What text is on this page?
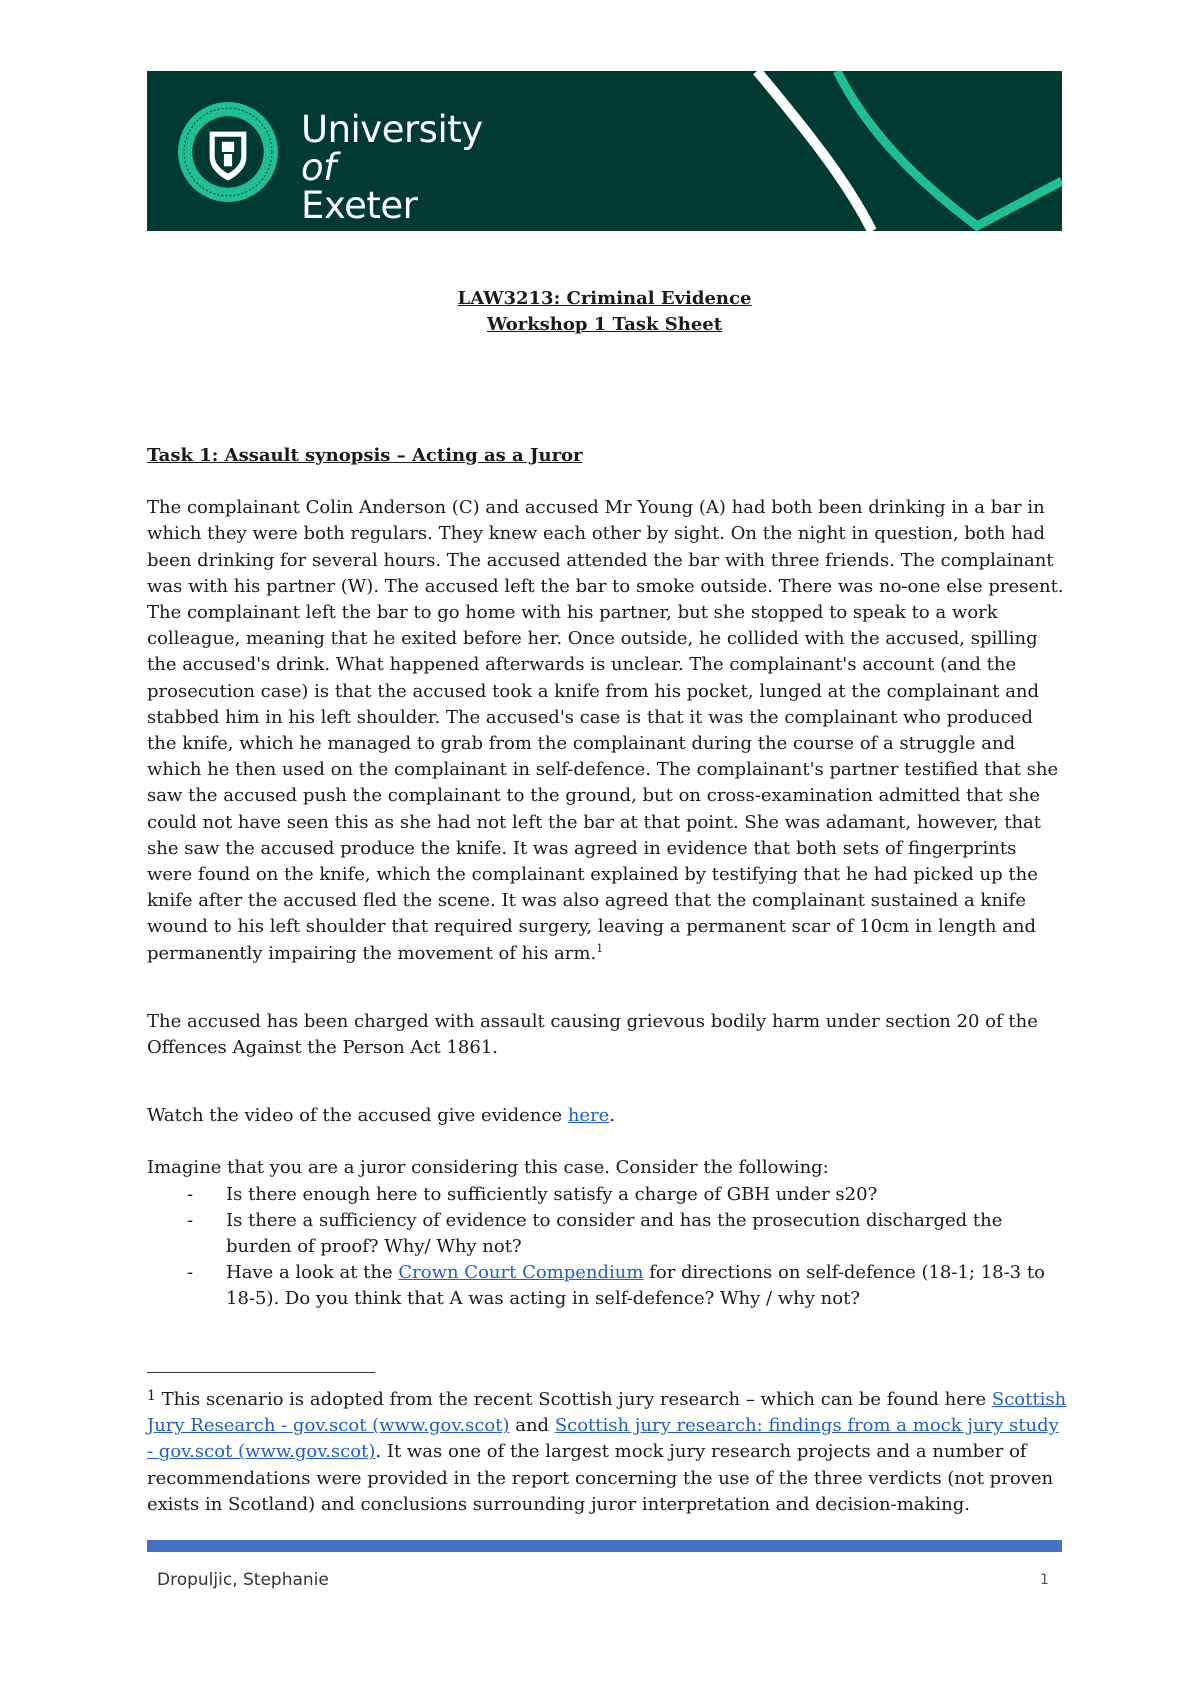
University
of
Exeter
LAW3213: Criminal Evidence
Workshop 1 Task Sheet
Task 1: Assault synopsis – Acting as a Juror

The complainant Colin Anderson (C) and accused Mr Young (A) had both been drinking in a bar in which they were both regulars. They knew each other by sight. On the night in question, both had been drinking for several hours. The accused attended the bar with three friends. The complainant was with his partner (W). The accused left the bar to smoke outside. There was no-one else present. The complainant left the bar to go home with his partner, but she stopped to speak to a work colleague, meaning that he exited before her. Once outside, he collided with the accused, spilling the accused's drink. What happened afterwards is unclear. The complainant's account (and the prosecution case) is that the accused took a knife from his pocket, lunged at the complainant and stabbed him in his left shoulder. The accused's case is that it was the complainant who produced the knife, which he managed to grab from the complainant during the course of a struggle and which he then used on the complainant in self-defence. The complainant's partner testified that she saw the accused push the complainant to the ground, but on cross-examination admitted that she could not have seen this as she had not left the bar at that point. She was adamant, however, that she saw the accused produce the knife. It was agreed in evidence that both sets of fingerprints were found on the knife, which the complainant explained by testifying that he had picked up the knife after the accused fled the scene. It was also agreed that the complainant sustained a knife wound to his left shoulder that required surgery, leaving a permanent scar of 10cm in length and permanently impairing the movement of his arm.$^1$

The accused has been charged with assault causing grievous bodily harm under section 20 of the Offences Against the Person Act 1861.

Watch the video of the accused give evidence here.

Imagine that you are a juror considering this case. Consider the following:

- Is there enough here to sufficiently satisfy a charge of GBH under s20?
- Is there a sufficiency of evidence to consider and has the prosecution discharged the burden of proof? Why/ Why not?
- Have a look at the Crown Court Compendium for directions on self-defence (18-1; 18-3 to 18-5). Do you think that A was acting in self-defence? Why / why not?
$^1$ This scenario is adopted from the recent Scottish jury research – which can be found here Scottish Jury Research - gov.scot (www.gov.scot) and Scottish jury research: findings from a mock jury study - gov.scot (www.gov.scot). It was one of the largest mock jury research projects and a number of recommendations were provided in the report concerning the use of the three verdicts (not proven exists in Scotland) and conclusions surrounding juror interpretation and decision-making.
Dropuljic, Stephanie	1
